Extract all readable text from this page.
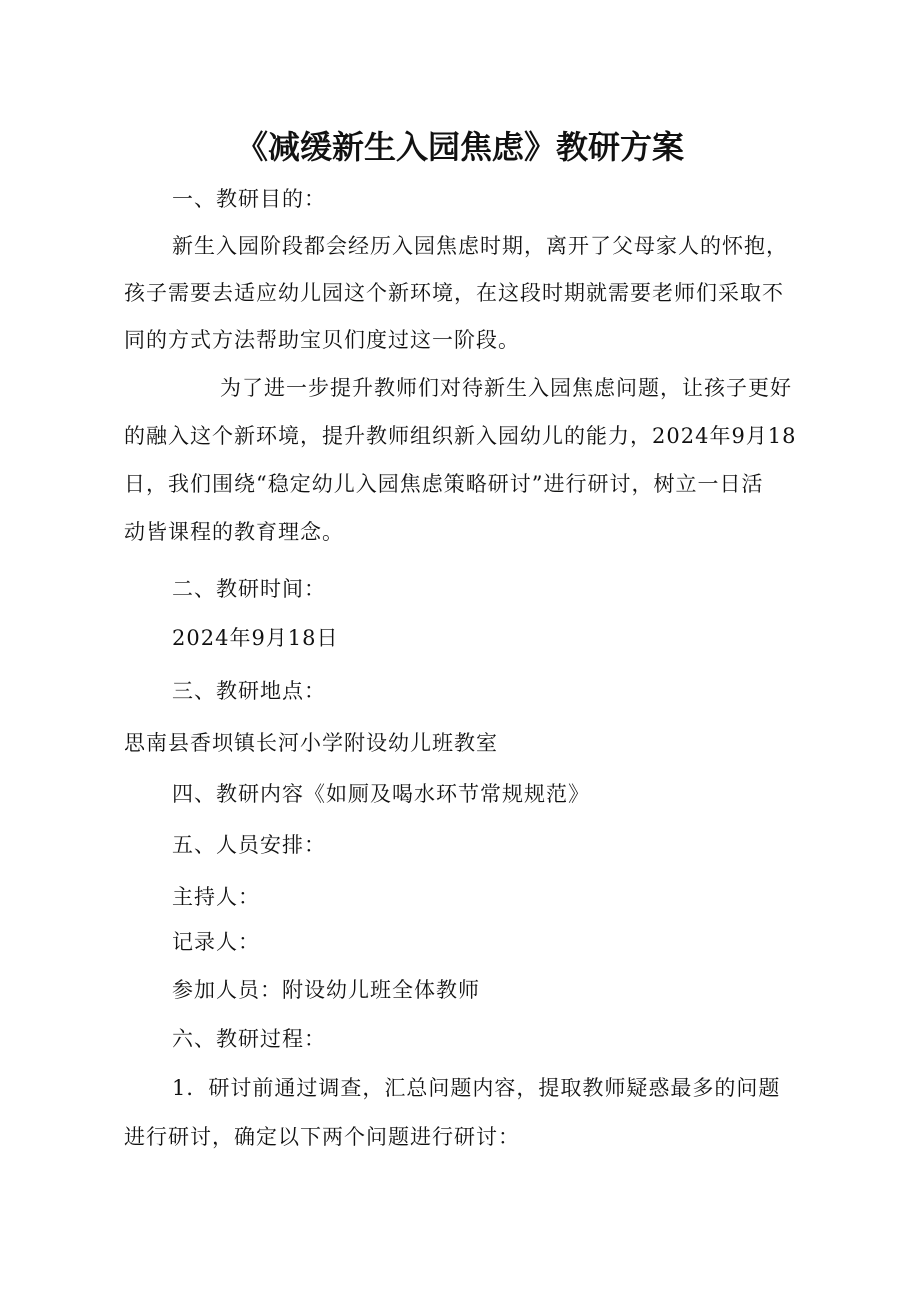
《减缓新生入园焦虑》教研方案
一、教研目的：
新生入园阶段都会经历入园焦虑时期，离开了父母家人的怀抱，
孩子需要去适应幼儿园这个新环境，在这段时期就需要老师们采取不
同的方式方法帮助宝贝们度过这一阶段。
为了进一步提升教师们对待新生入园焦虑问题，让孩子更好
的融入这个新环境，提升教师组织新入园幼儿的能力，2024年9月18
日，我们围绕“稳定幼儿入园焦虑策略研讨”进行研讨，树立一日活
动皆课程的教育理念。
二、教研时间：
2024年9月18日
三、教研地点：
思南县香坝镇长河小学附设幼儿班教室
四、教研内容《如厕及喝水环节常规规范》
五、人员安排：
主持人：
记录人：
参加人员：附设幼儿班全体教师
六、教研过程：
1．研讨前通过调查，汇总问题内容，提取教师疑惑最多的问题
进行研讨，确定以下两个问题进行研讨：
